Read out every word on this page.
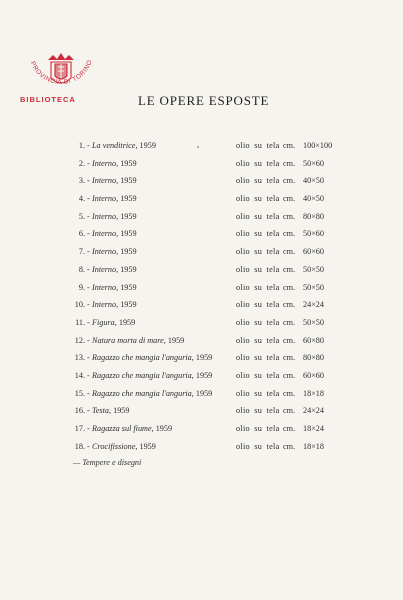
PROVINCIA DI TORINO
BIBLIOTECA	LE OPERE ESPOSTE
1. - La venditrice, 1959	olio su tela cm. 100×100
2. - Interno, 1959	olio su tela cm. 50×60
3. - Interno, 1959	olio su tela cm. 40×50
4. - Interno, 1959	olio su tela cm. 40×50
5. - Interno, 1959	olio su tela cm. 80×80
6. - Interno, 1959	olio su tela cm. 50×60
7. - Interno, 1959	olio su tela cm. 60×60
8. - Interno, 1959	olio su tela cm. 50×50
9. - Interno, 1959	olio su tela cm. 50×50
10. - Interno, 1959	olio su tela cm. 24×24
11. - Figura, 1959	olio su tela cm. 50×50
12. - Natura morta di mare, 1959	olio su tela cm. 60×80
13. - Ragazzo che mangia l'anguria, 1959	olio su tela cm. 80×80
14. - Ragazzo che mangia l'anguria, 1959	olio su tela cm. 60×60
15. - Ragazzo che mangia l'anguria, 1959	olio su tela cm. 18×18
16. - Testa, 1959	olio su tela cm. 24×24
17. - Ragazza sul fiume, 1959	olio su tela cm. 18×24
18. - Crocifissione, 1959	olio su tela cm. 18×18
— Tempere e disegni
